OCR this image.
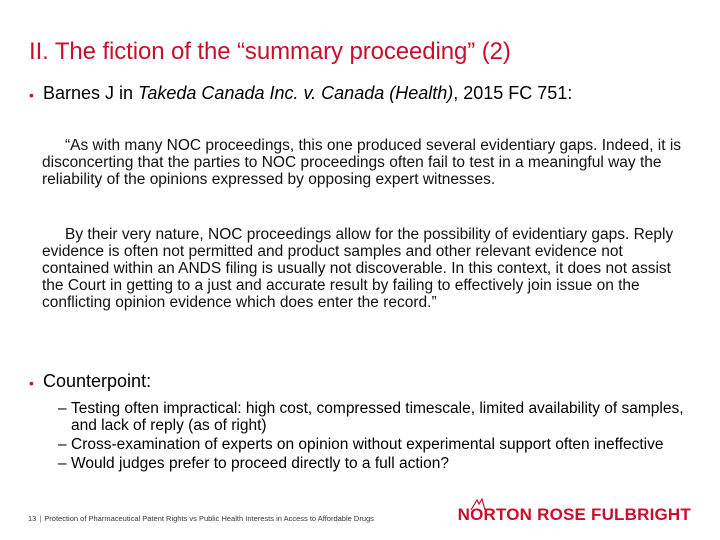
II. The fiction of the “summary proceeding” (2)
• Barnes J in Takeda Canada Inc. v. Canada (Health), 2015 FC 751:
“As with many NOC proceedings, this one produced several evidentiary gaps. Indeed, it is disconcerting that the parties to NOC proceedings often fail to test in a meaningful way the reliability of the opinions expressed by opposing expert witnesses.
By their very nature, NOC proceedings allow for the possibility of evidentiary gaps. Reply evidence is often not permitted and product samples and other relevant evidence not contained within an ANDS filing is usually not discoverable. In this context, it does not assist the Court in getting to a just and accurate result by failing to effectively join issue on the conflicting opinion evidence which does enter the record.”
• Counterpoint:
– Testing often impractical: high cost, compressed timescale, limited availability of samples, and lack of reply (as of right)
– Cross-examination of experts on opinion without experimental support often ineffective
– Would judges prefer to proceed directly to a full action?
13 | Protection of Pharmaceutical Patent Rights vs Public Health Interests in Access to Affordable Drugs	NORTON ROSE FULBRIGHT
